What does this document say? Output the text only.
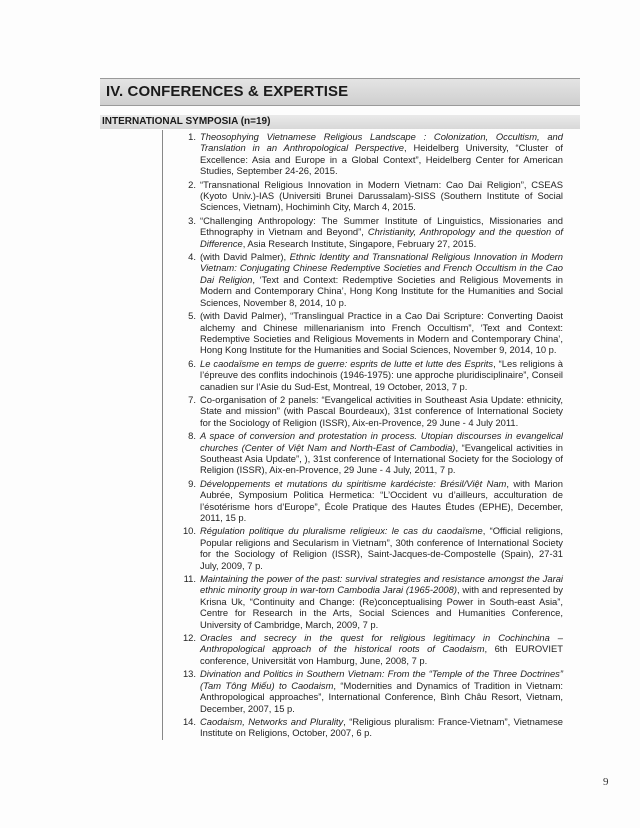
IV. CONFERENCES & EXPERTISE
INTERNATIONAL SYMPOSIA (n=19)
1. Theosophying Vietnamese Religious Landscape : Colonization, Occultism, and Translation in an Anthropological Perspective, Heidelberg University, “Cluster of Excellence: Asia and Europe in a Global Context”, Heidelberg Center for American Studies, September 24-26, 2015.
2. “Transnational Religious Innovation in Modern Vietnam: Cao Dai Religion”, CSEAS (Kyoto Univ.)-IAS (Universiti Brunei Darussalam)-SISS (Southern Institute of Social Sciences, Vietnam), Hochiminh City, March 4, 2015.
3. “Challenging Anthropology: The Summer Institute of Linguistics, Missionaries and Ethnography in Vietnam and Beyond”, Christianity, Anthropology and the question of Difference, Asia Research Institute, Singapore, February 27, 2015.
4. (with David Palmer), Ethnic Identity and Transnational Religious Innovation in Modern Vietnam: Conjugating Chinese Redemptive Societies and French Occultism in the Cao Dai Religion, ‘Text and Context: Redemptive Societies and Religious Movements in Modern and Contemporary China’, Hong Kong Institute for the Humanities and Social Sciences, November 8, 2014, 10 p.
5. (with David Palmer), “Translingual Practice in a Cao Dai Scripture: Converting Daoist alchemy and Chinese millenarianism into French Occultism”, ‘Text and Context: Redemptive Societies and Religious Movements in Modern and Contemporary China’, Hong Kong Institute for the Humanities and Social Sciences, November 9, 2014, 10 p.
6. Le caodaïsme en temps de guerre: esprits de lutte et lutte des Esprits, “Les religions à l’épreuve des conflits indochinois (1946-1975): une approche pluridisciplinaire”, Conseil canadien sur l’Asie du Sud-Est, Montreal, 19 October, 2013, 7 p.
7. Co-organisation of 2 panels: “Evangelical activities in Southeast Asia Update: ethnicity, State and mission” (with Pascal Bourdeaux), 31st conference of International Society for the Sociology of Religion (ISSR), Aix-en-Provence, 29 June - 4 July 2011.
8. A space of conversion and protestation in process. Utopian discourses in evangelical churches (Center of Việt Nam and North-East of Cambodia), “Evangelical activities in Southeast Asia Update”, ), 31st conference of International Society for the Sociology of Religion (ISSR), Aix-en-Provence, 29 June - 4 July, 2011, 7 p.
9. Développements et mutations du spiritisme kardéciste: Brésil/Việt Nam, with Marion Aubrée, Symposium Politica Hermetica: “L’Occident vu d’ailleurs, acculturation de l’ésotérisme hors d’Europe”, École Pratique des Hautes Études (EPHE), December, 2011, 15 p.
10. Régulation politique du pluralisme religieux: le cas du caodaïsme, “Official religions, Popular religions and Secularism in Vietnam”, 30th conference of International Society for the Sociology of Religion (ISSR), Saint-Jacques-de-Compostelle (Spain), 27-31 July, 2009, 7 p.
11. Maintaining the power of the past: survival strategies and resistance amongst the Jarai ethnic minority group in war-torn Cambodia Jarai (1965-2008), with and represented by Krisna Uk, “Continuity and Change: (Re)conceptualising Power in South-east Asia”, Centre for Research in the Arts, Social Sciences and Humanities Conference, University of Cambridge, March, 2009, 7 p.
12. Oracles and secrecy in the quest for religious legitimacy in Cochinchina – Anthropological approach of the historical roots of Caodaism, 6th EUROVIET conference, Universität von Hamburg, June, 2008, 7 p.
13. Divination and Politics in Southern Vietnam: From the “Temple of the Three Doctrines” (Tam Tông Miếu) to Caodaism, “Modernities and Dynamics of Tradition in Vietnam: Anthropological approaches”, International Conference, Bình Châu Resort, Vietnam, December, 2007, 15 p.
14. Caodaism, Networks and Plurality, “Religious pluralism: France-Vietnam”, Vietnamese Institute on Religions, October, 2007, 6 p.
9
